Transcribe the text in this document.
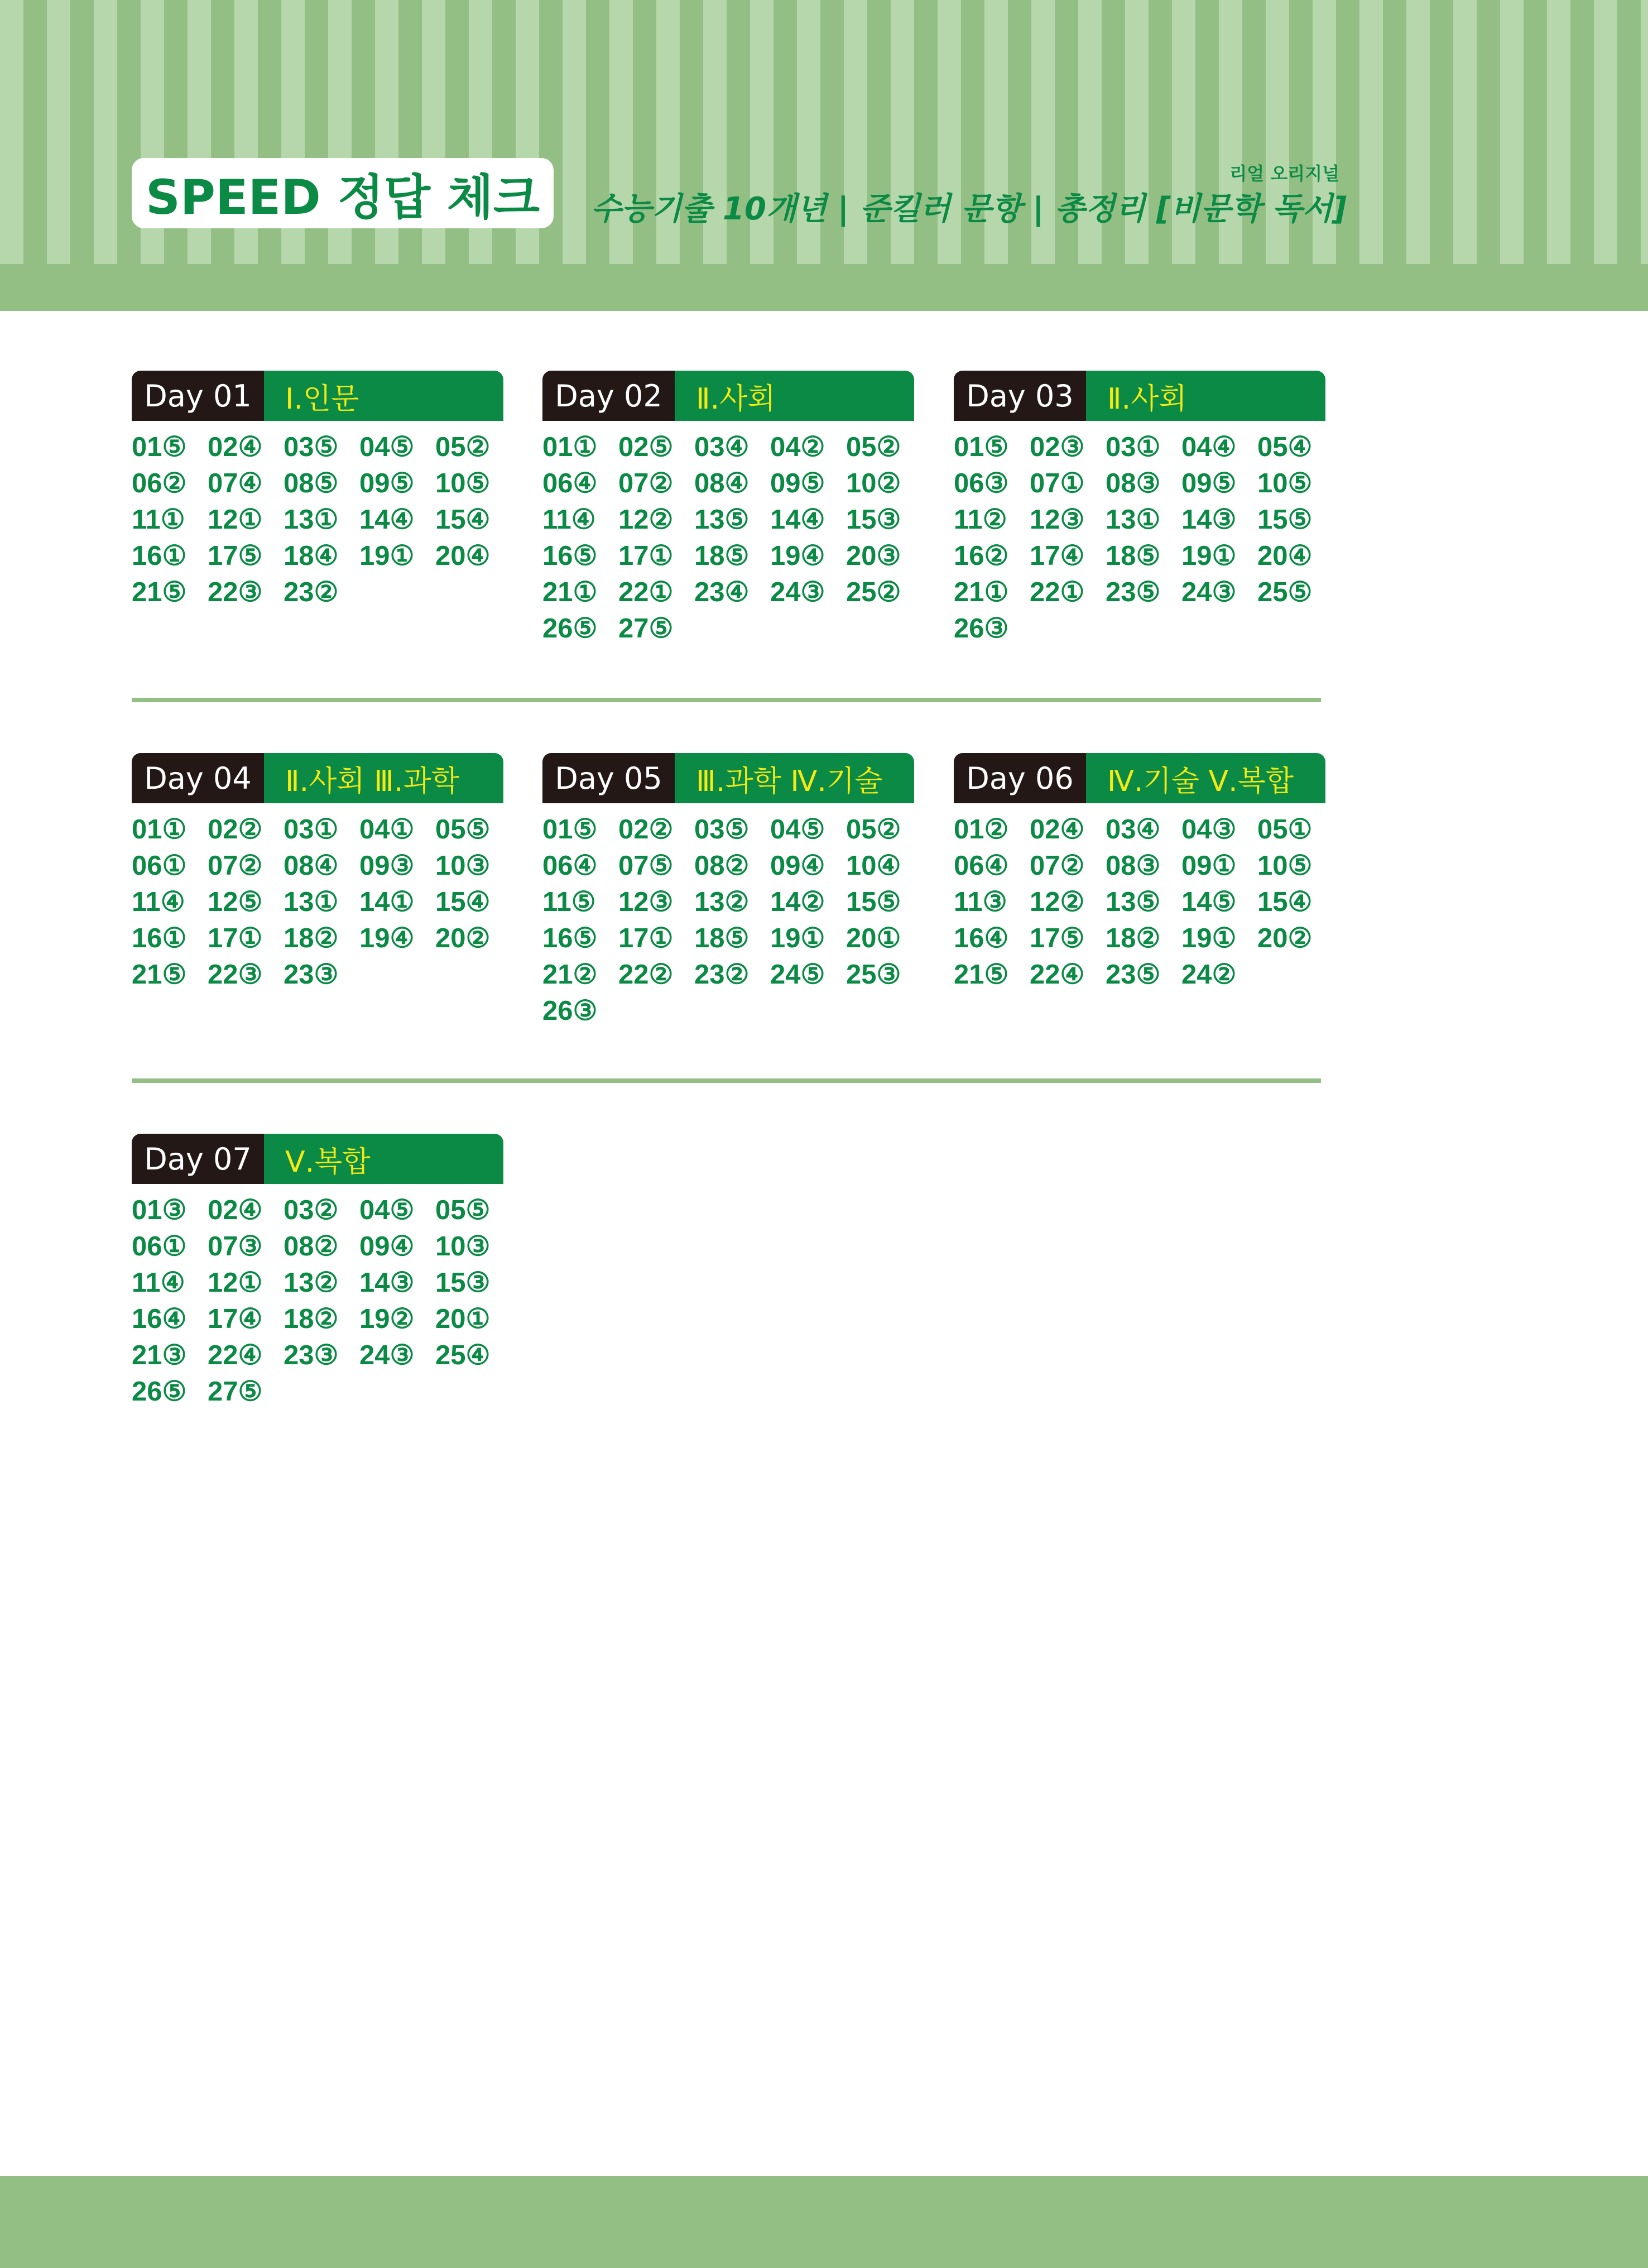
SPEED 정답 체크	리얼 오리지널
수능기출 10개년 | 준킬러 문항 | 총정리 [비문학 독서]
Day 01	Ⅰ.인문
01⑤ 02④ 03⑤ 04⑤ 05②
06② 07④ 08⑤ 09⑤ 10⑤
11① 12① 13① 14④ 15④
16① 17⑤ 18④ 19① 20④
21⑤ 22③ 23②
Day 02	Ⅱ.사회
01① 02⑤ 03④ 04② 05②
06④ 07② 08④ 09⑤ 10②
11④ 12② 13⑤ 14④ 15③
16⑤ 17① 18⑤ 19④ 20③
21① 22① 23④ 24③ 25②
26⑤ 27⑤
Day 03	Ⅱ.사회
01⑤ 02③ 03① 04④ 05④
06③ 07① 08③ 09⑤ 10⑤
11② 12③ 13① 14③ 15⑤
16② 17④ 18⑤ 19① 20④
21① 22① 23⑤ 24③ 25⑤
26③
Day 04	Ⅱ.사회 Ⅲ.과학
01① 02② 03① 04① 05⑤
06① 07② 08④ 09③ 10③
11④ 12⑤ 13① 14① 15④
16① 17① 18② 19④ 20②
21⑤ 22③ 23③
Day 05	Ⅲ.과학 Ⅳ.기술
01⑤ 02② 03⑤ 04⑤ 05②
06④ 07⑤ 08② 09④ 10④
11⑤ 12③ 13② 14② 15⑤
16⑤ 17① 18⑤ 19① 20①
21② 22② 23② 24⑤ 25③
26③
Day 06	Ⅳ.기술 Ⅴ.복합
01② 02④ 03④ 04③ 05①
06④ 07② 08③ 09① 10⑤
11③ 12② 13⑤ 14⑤ 15④
16④ 17⑤ 18② 19① 20②
21⑤ 22④ 23⑤ 24②
Day 07	Ⅴ.복합
01③ 02④ 03② 04⑤ 05⑤
06① 07③ 08② 09④ 10③
11④ 12① 13② 14③ 15③
16④ 17④ 18② 19② 20①
21③ 22④ 23③ 24③ 25④
26⑤ 27⑤
